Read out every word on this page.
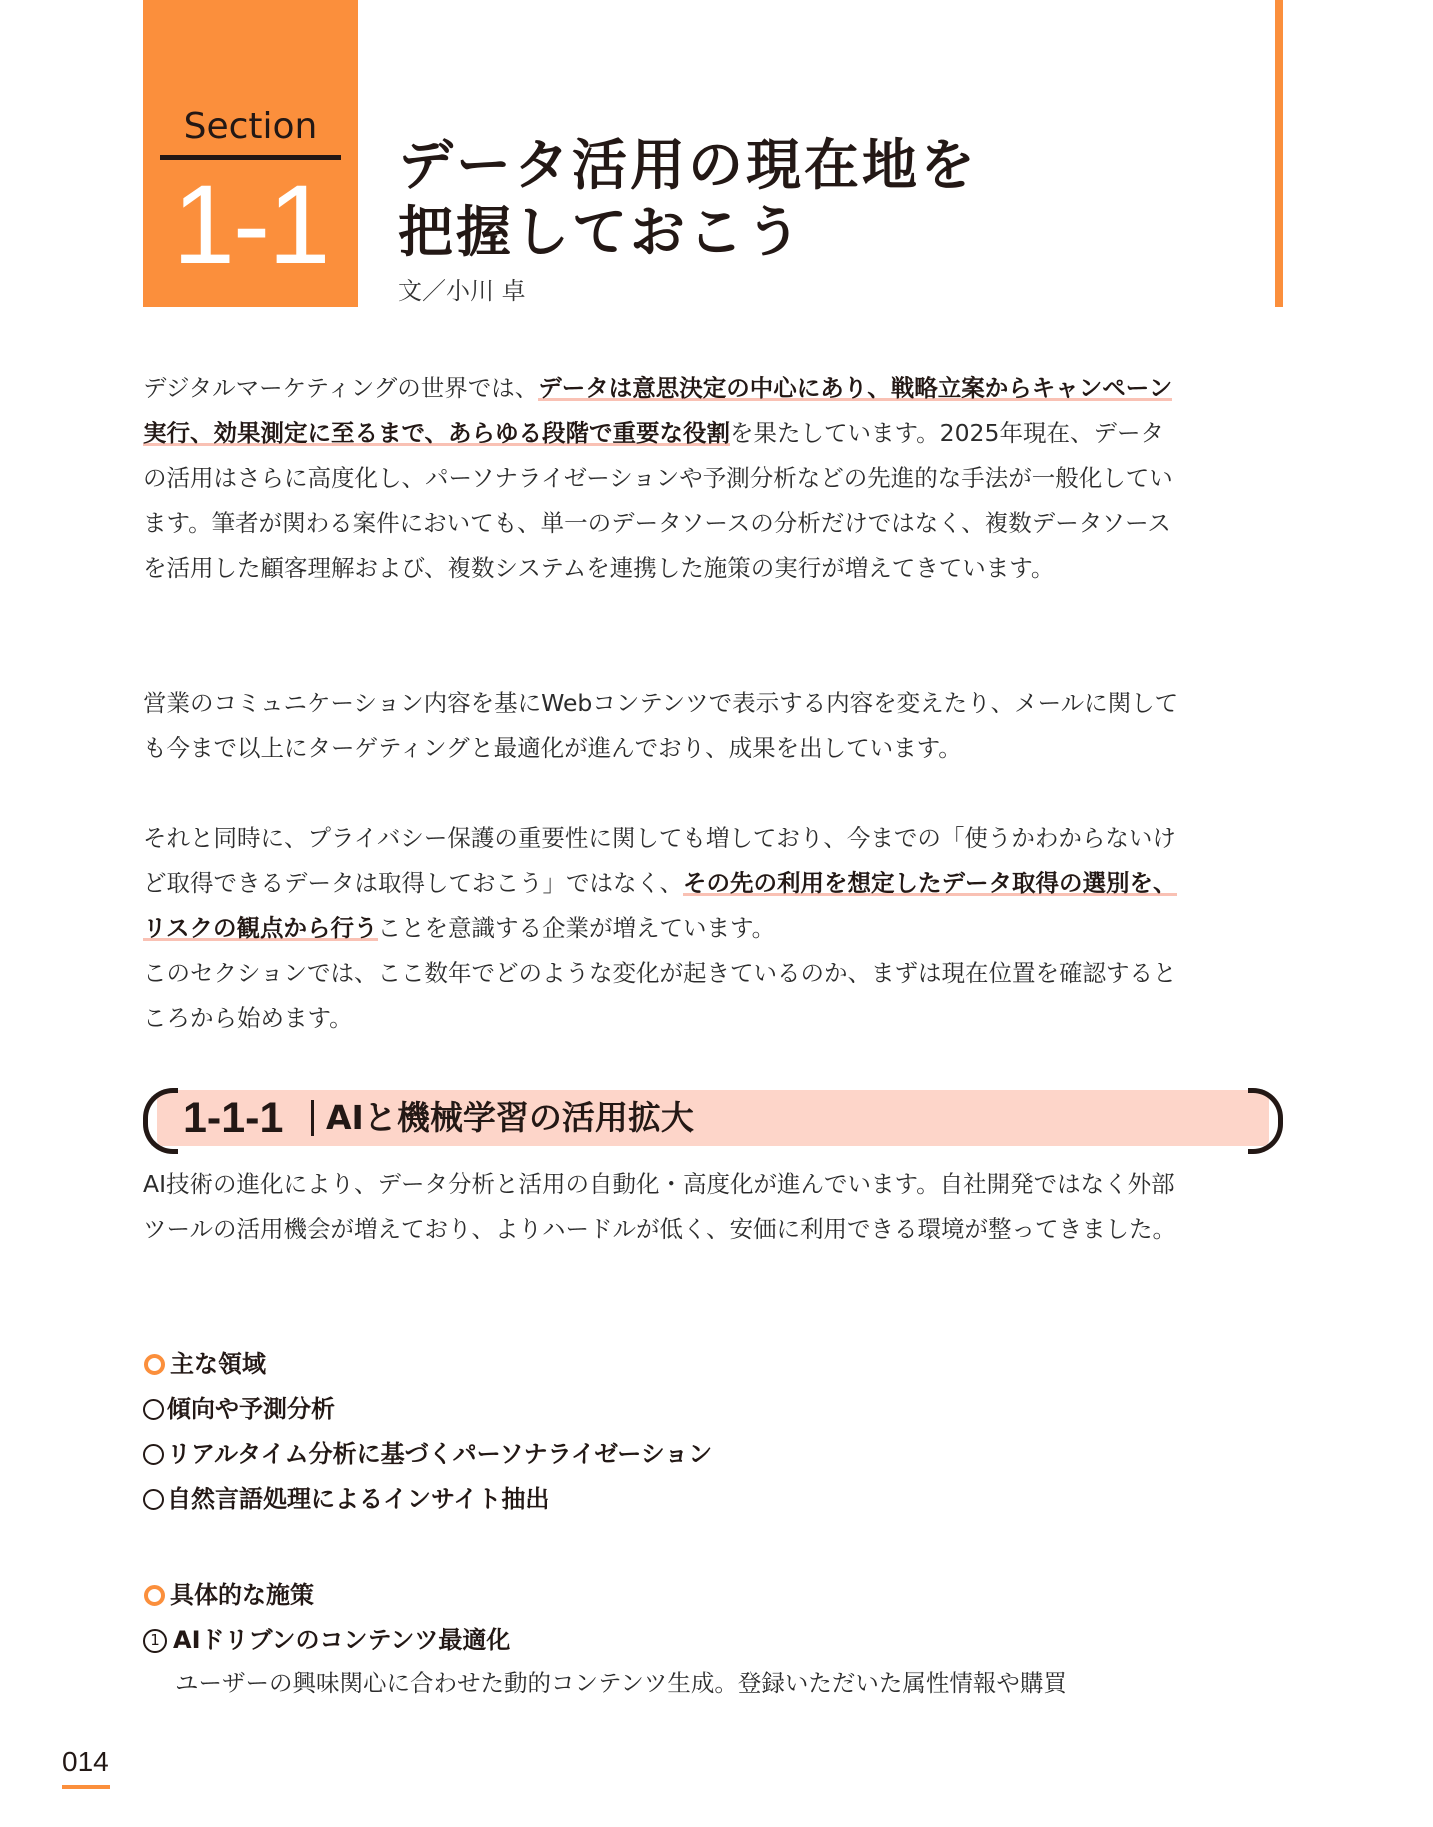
Section
1-1	データ活用の現在地を
把握しておこう
文／小川 卓

デジタルマーケティングの世界では、データは意思決定の中心にあり、戦略立案からキャンペーン実行、効果測定に至るまで、あらゆる段階で重要な役割を果たしています。2025年現在、データの活用はさらに高度化し、パーソナライゼーションや予測分析などの先進的な手法が一般化しています。筆者が関わる案件においても、単一のデータソースの分析だけではなく、複数データソースを活用した顧客理解および、複数システムを連携した施策の実行が増えてきています。

営業のコミュニケーション内容を基にWebコンテンツで表示する内容を変えたり、メールに関しても今まで以上にターゲティングと最適化が進んでおり、成果を出しています。

それと同時に、プライバシー保護の重要性に関しても増しており、今までの「使うかわからないけど取得できるデータは取得しておこう」ではなく、その先の利用を想定したデータ取得の選別を、リスクの観点から行うことを意識する企業が増えています。
このセクションでは、ここ数年でどのような変化が起きているのか、まずは現在位置を確認するところから始めます。

1-1-1 AIと機械学習の活用拡大

AI技術の進化により、データ分析と活用の自動化・高度化が進んでいます。自社開発ではなく外部ツールの活用機会が増えており、よりハードルが低く、安価に利用できる環境が整ってきました。

主な領域
傾向や予測分析
リアルタイム分析に基づくパーソナライゼーション
自然言語処理によるインサイト抽出
具体的な施策
1 AIドリブンのコンテンツ最適化
ユーザーの興味関心に合わせた動的コンテンツ生成。登録いただいた属性情報や購買
014
